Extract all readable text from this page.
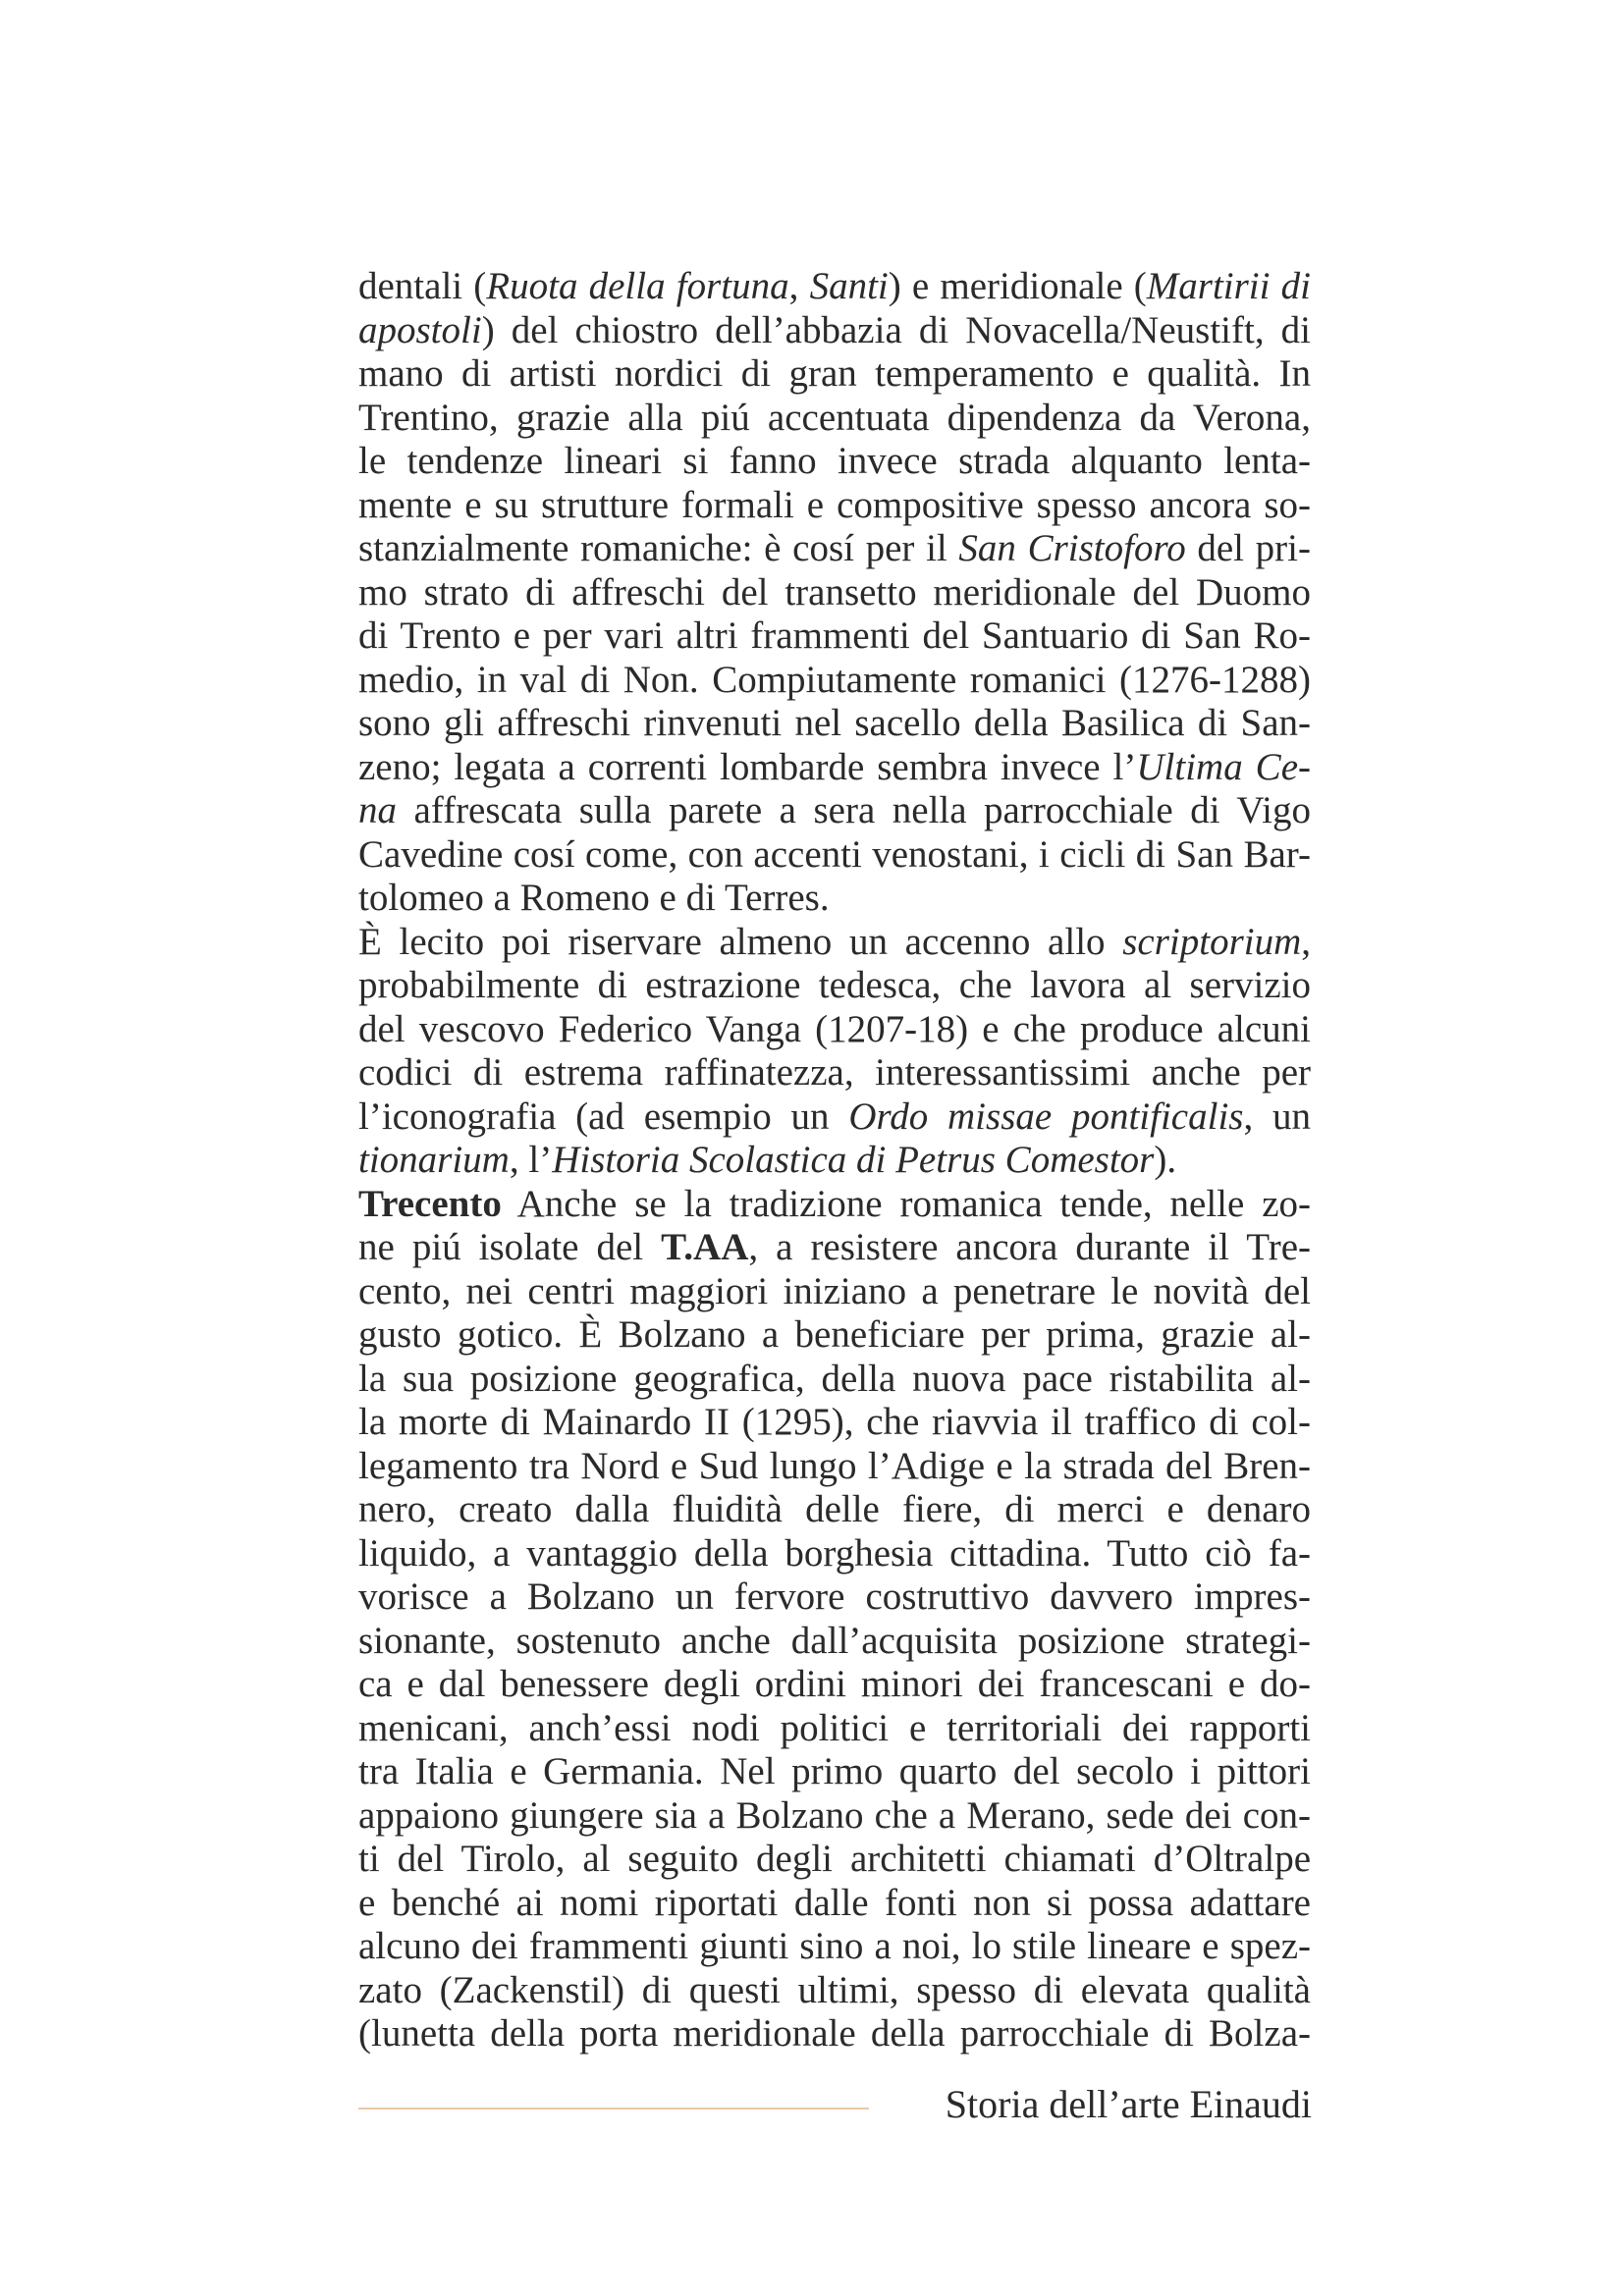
dentali (Ruota della fortuna, Santi) e meridionale (Martirii di
apostoli) del chiostro dell’abbazia di Novacella/Neustift, di
mano di artisti nordici di gran temperamento e qualità. In
Trentino, grazie alla piú accentuata dipendenza da Verona,
le tendenze lineari si fanno invece strada alquanto lenta-
mente e su strutture formali e compositive spesso ancora so-
stanzialmente romaniche: è cosí per il San Cristoforo del pri-
mo strato di affreschi del transetto meridionale del Duomo
di Trento e per vari altri frammenti del Santuario di San Ro-
medio, in val di Non. Compiutamente romanici (1276-1288)
sono gli affreschi rinvenuti nel sacello della Basilica di San-
zeno; legata a correnti lombarde sembra invece l’Ultima Ce-
na affrescata sulla parete a sera nella parrocchiale di Vigo
Cavedine cosí come, con accenti venostani, i cicli di San Bar-
tolomeo a Romeno e di Terres.
È lecito poi riservare almeno un accenno allo scriptorium,
probabilmente di estrazione tedesca, che lavora al servizio
del vescovo Federico Vanga (1207-18) e che produce alcuni
codici di estrema raffinatezza, interessantissimi anche per
l’iconografia (ad esempio un Ordo missae pontificalis, un
tionarium, l’Historia Scolastica di Petrus Comestor).
Trecento Anche se la tradizione romanica tende, nelle zo-
ne piú isolate del T.AA, a resistere ancora durante il Tre-
cento, nei centri maggiori iniziano a penetrare le novità del
gusto gotico. È Bolzano a beneficiare per prima, grazie al-
la sua posizione geografica, della nuova pace ristabilita al-
la morte di Mainardo II (1295), che riavvia il traffico di col-
legamento tra Nord e Sud lungo l’Adige e la strada del Bren-
nero, creato dalla fluidità delle fiere, di merci e denaro
liquido, a vantaggio della borghesia cittadina. Tutto ciò fa-
vorisce a Bolzano un fervore costruttivo davvero impres-
sionante, sostenuto anche dall’acquisita posizione strategi-
ca e dal benessere degli ordini minori dei francescani e do-
menicani, anch’essi nodi politici e territoriali dei rapporti
tra Italia e Germania. Nel primo quarto del secolo i pittori
appaiono giungere sia a Bolzano che a Merano, sede dei con-
ti del Tirolo, al seguito degli architetti chiamati d’Oltralpe
e benché ai nomi riportati dalle fonti non si possa adattare
alcuno dei frammenti giunti sino a noi, lo stile lineare e spez-
zato (Zackenstil) di questi ultimi, spesso di elevata qualità
(lunetta della porta meridionale della parrocchiale di Bolza-
Storia dell’arte Einaudi
